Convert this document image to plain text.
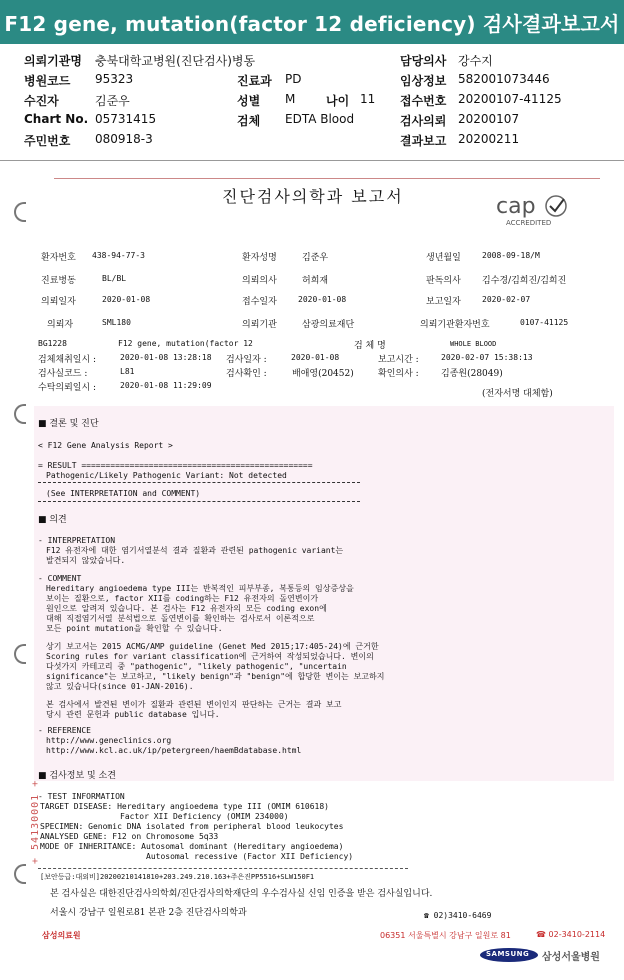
F12 gene, mutation(factor 12 deficiency) 검사결과보고서
의뢰기관명 충북대학교병원(진단검사)병동	담당의사 강수지
병원코드 95323	진료과 PD	임상정보 582001073446
수진자	김준우	성별 M	나이 11 접수번호 20200107-41125
Chart No. 05731415	검체 EDTA Blood	검사의뢰 20200107
주민번호 080918-3	결과보고 20200211
진단검사의학과 보고서	cap
ACCREDITED
환자번호 438-94-77-3	환자성명	김준우	생년월일	2008-09-18/M
진료병동	BL/BL	의뢰의사	허희재	판독의사 김수경/김희진/김희진
의뢰일자	2020-01-08	접수일자	2020-01-08	보고일자	2020-02-07
의뢰자	SML180	의뢰기관	삼광의료재단	의뢰기관환자번호	0107-41125
BG1228	F12 gene, mutation(factor 12	검 체 명	WHOLE BLOOD
검체채취일시 :	2020-01-08 13:28:18 검사일자 :	2020-01-08	보고시간 :	2020-02-07 15:38:13
검사실코드 :	L81	검사확인 :	배애영(20452)	확인의사 : 김종원(28049)
수탁의뢰일시 :	2020-01-08 11:29:09
(전자서명 대체함)
■ 결론 및 진단
< F12 Gene Analysis Report >
= RESULT ================================================
Pathogenic/Likely Pathogenic Variant: Not detected
(See INTERPRETATION and COMMENT)
■ 의견
- INTERPRETATION
F12 유전자에 대한 염기서열분석 결과 질환과 관련된 pathogenic variant는
발견되지 않았습니다.
- COMMENT
Hereditary angioedema type III는 반복적인 피부부종, 복통등의 임상증상을
보이는 질환으로, factor XII를 coding하는 F12 유전자의 돌연변이가
원인으로 알려져 있습니다. 본 검사는 F12 유전자의 모든 coding exon에
대해 직접염기서열 분석법으로 돌연변이를 확인하는 검사로서 이론적으로
모든 point mutation을 확인할 수 있습니다.
상기 보고서는 2015 ACMG/AMP guideline (Genet Med 2015;17:405-24)에 근거한
Scoring rules for variant classification에 근거하여 작성되었습니다. 변이의
다섯가지 카테고리 중 "pathogenic", "likely pathogenic", "uncertain
significance"는 보고하고, "likely benign"과 "benign"에 합당한 변이는 보고하지
않고 있습니다(since 01-JAN-2016).
본 검사에서 발견된 변이가 질환과 관련된 변이인지 판단하는 근거는 결과 보고
당시 관련 문헌과 public database 입니다.
- REFERENCE
http://www.geneclinics.org
http://www.kcl.ac.uk/ip/petergreen/haemBdatabase.html
■ 검사정보 및 소견
- TEST INFORMATION
TARGET DISEASE: Hereditary angioedema type III (OMIM 610618)
Factor XII Deficiency (OMIM 234000)
SPECIMEN: Genomic DNA isolated from peripheral blood leukocytes
ANALYSED GENE: F12 on Chromosome 5q33
MODE OF INHERITANCE: Autosomal dominant (Hereditary angioedema)
Autosomal recessive (Factor XII Deficiency)
+ 54130001 +
[보안등급:대외비]20200210141810+203.249.210.163+주은진PP5516+SLW150F1
본 검사실은 대한진단검사의학회/진단검사의학재단의 우수검사실 신임 인증을 받은 검사실입니다.
서울시 강남구 일원로81 본관 2층 진단검사의학과	☎ 02)3410-6469
삼성의료원	06351 서울특별시 강남구 일원로 81	☎ 02-3410-2114
SAMSUNG 삼성서울병원
